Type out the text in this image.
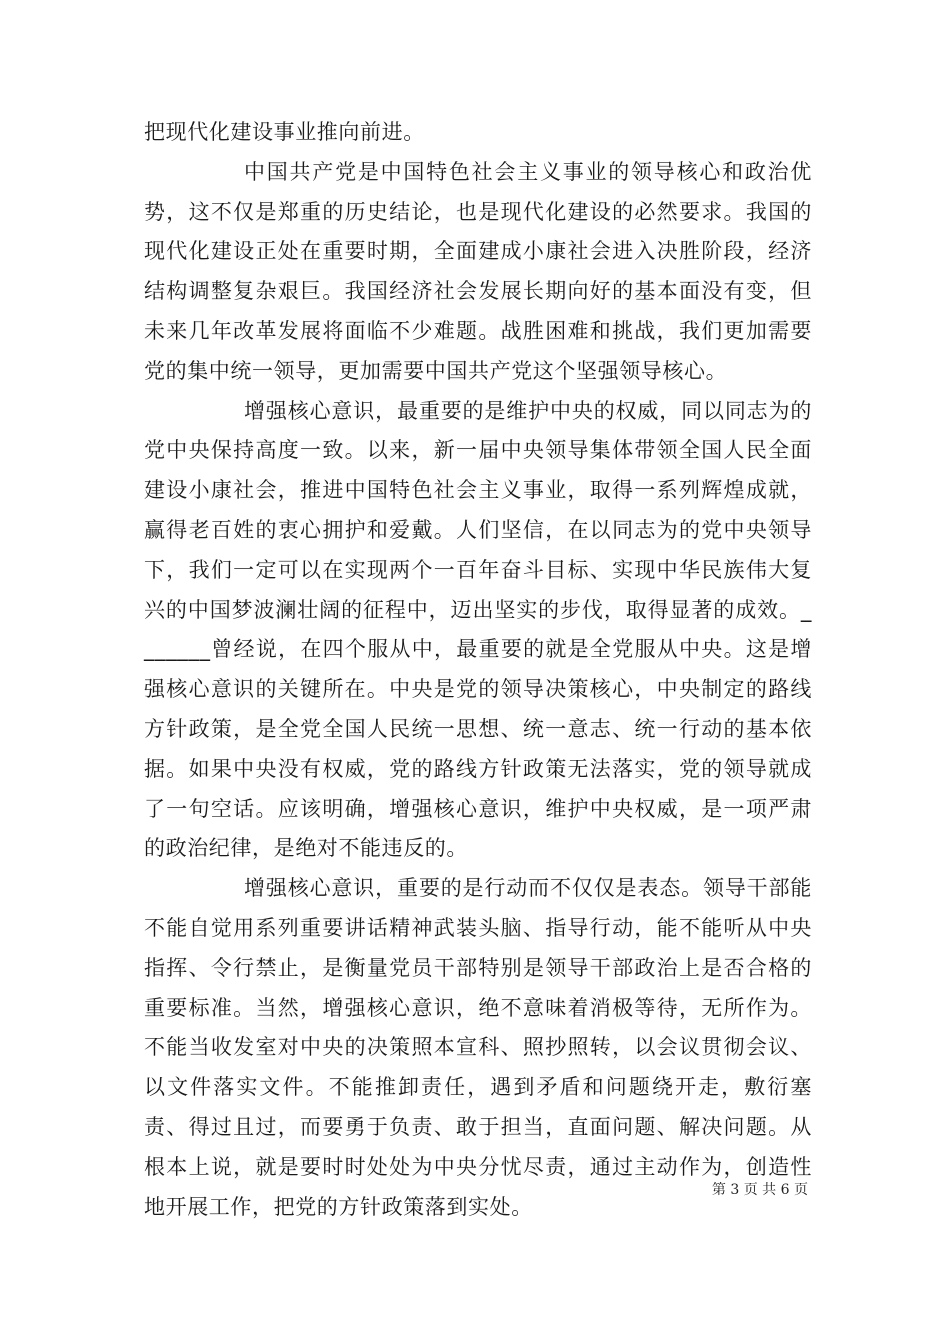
把现代化建设事业推向前进。

中国共产党是中国特色社会主义事业的领导核心和政治优势，这不仅是郑重的历史结论，也是现代化建设的必然要求。我国的现代化建设正处在重要时期，全面建成小康社会进入决胜阶段，经济结构调整复杂艰巨。我国经济社会发展长期向好的基本面没有变，但未来几年改革发展将面临不少难题。战胜困难和挑战，我们更加需要党的集中统一领导，更加需要中国共产党这个坚强领导核心。

增强核心意识，最重要的是维护中央的权威，同以同志为的党中央保持高度一致。以来，新一届中央领导集体带领全国人民全面建设小康社会，推进中国特色社会主义事业，取得一系列辉煌成就，赢得老百姓的衷心拥护和爱戴。人们坚信，在以同志为的党中央领导下，我们一定可以在实现两个一百年奋斗目标、实现中华民族伟大复兴的中国梦波澜壮阔的征程中，迈出坚实的步伐，取得显著的成效。_______曾经说，在四个服从中，最重要的就是全党服从中央。这是增强核心意识的关键所在。中央是党的领导决策核心，中央制定的路线方针政策，是全党全国人民统一思想、统一意志、统一行动的基本依据。如果中央没有权威，党的路线方针政策无法落实，党的领导就成了一句空话。应该明确，增强核心意识，维护中央权威，是一项严肃的政治纪律，是绝对不能违反的。

增强核心意识，重要的是行动而不仅仅是表态。领导干部能不能自觉用系列重要讲话精神武装头脑、指导行动，能不能听从中央指挥、令行禁止，是衡量党员干部特别是领导干部政治上是否合格的重要标准。当然，增强核心意识，绝不意味着消极等待，无所作为。不能当收发室对中央的决策照本宣科、照抄照转，以会议贯彻会议、以文件落实文件。不能推卸责任，遇到矛盾和问题绕开走，敷衍塞责、得过且过，而要勇于负责、敢于担当，直面问题、解决问题。从根本上说，就是要时时处处为中央分忧尽责，通过主动作为，创造性地开展工作，把党的方针政策落到实处。

第 3 页 共 6 页
